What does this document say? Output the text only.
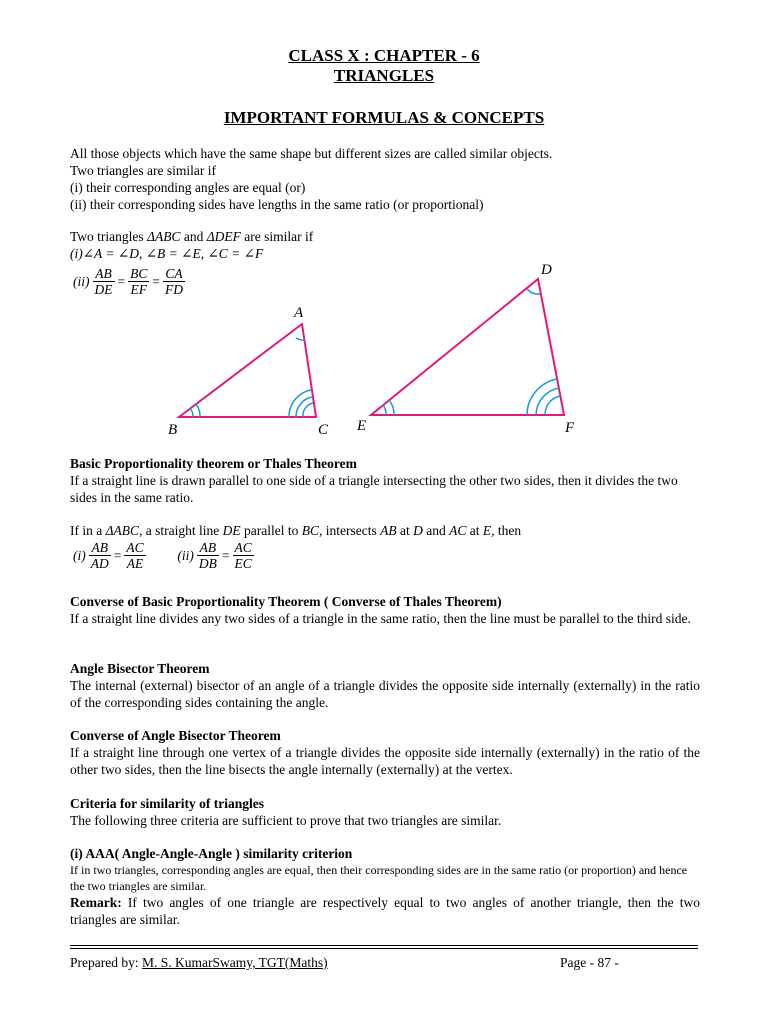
CLASS X : CHAPTER - 6
TRIANGLES
IMPORTANT FORMULAS & CONCEPTS
All those objects which have the same shape but different sizes are called similar objects.
Two triangles are similar if
(i) their corresponding angles are equal (or)
(ii) their corresponding sides have lengths in the same ratio (or proportional)
Two triangles ΔABC and ΔDEF are similar if
(i)∠A = ∠D, ∠B = ∠E, ∠C = ∠F
$(ii) \frac{AB}{DE} = \frac{BC}{EF} = \frac{CA}{FD}$
A
B	C
D
E	F
Basic Proportionality theorem or Thales Theorem
If a straight line is drawn parallel to one side of a triangle intersecting the other two sides, then it divides the two sides in the same ratio.
If in a ΔABC, a straight line DE parallel to BC, intersects AB at D and AC at E, then
$(i) \frac{AB}{AD} = \frac{AC}{AE} (ii) \frac{AB}{DB} = \frac{AC}{EC}$
Converse of Basic Proportionality Theorem ( Converse of Thales Theorem)
If a straight line divides any two sides of a triangle in the same ratio, then the line must be parallel to the third side.
Angle Bisector Theorem
The internal (external) bisector of an angle of a triangle divides the opposite side internally (externally) in the ratio of the corresponding sides containing the angle.
Converse of Angle Bisector Theorem
If a straight line through one vertex of a triangle divides the opposite side internally (externally) in the ratio of the other two sides, then the line bisects the angle internally (externally) at the vertex.
Criteria for similarity of triangles
The following three criteria are sufficient to prove that two triangles are similar.
(i) AAA( Angle-Angle-Angle ) similarity criterion
If in two triangles, corresponding angles are equal, then their corresponding sides are in the same ratio (or proportion) and hence the two triangles are similar.
Remark: If two angles of one triangle are respectively equal to two angles of another triangle, then the two triangles are similar.
Prepared by: M. S. KumarSwamy, TGT(Maths)	Page - 87 -
